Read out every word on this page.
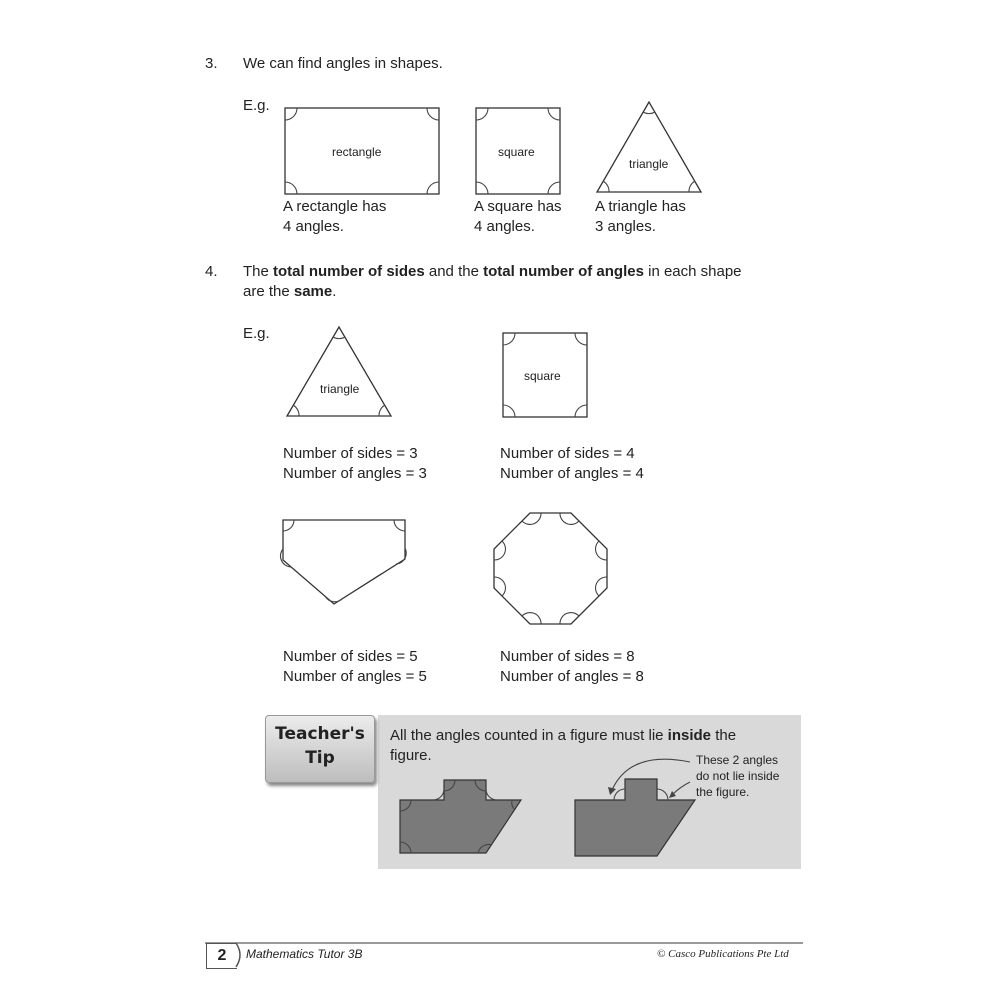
3. We can find angles in shapes.
E.g.
rectangle	square
triangle
A rectangle has
4 angles.
A square has
4 angles.
A triangle has
3 angles.
4. The total number of sides and the total number of angles in each shape
are the same.
E.g.
triangle
square
Number of sides = 3
Number of angles = 3
Number of sides = 4
Number of angles = 4
Number of sides = 5
Number of angles = 5
Number of sides = 8
Number of angles = 8
Teacher's
Tip
All the angles counted in a figure must lie inside the
figure.	These 2 angles
do not lie inside
the figure.
2	Mathematics Tutor 3B	© Casco Publications Pte Ltd
